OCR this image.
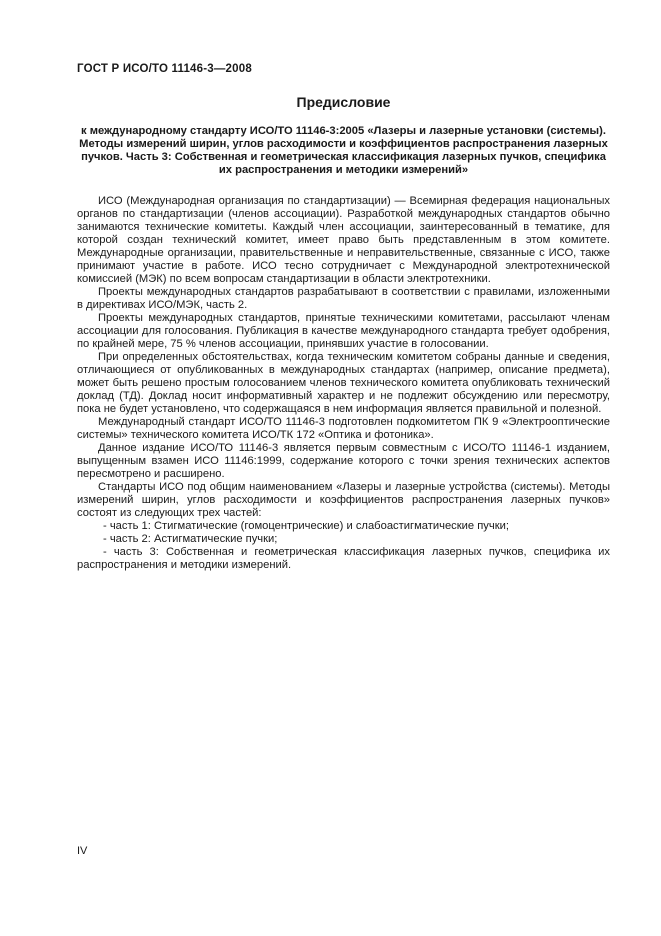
ГОСТ Р ИСО/ТО 11146-3—2008
Предисловие

к международному стандарту ИСО/ТО 11146-3:2005 «Лазеры и лазерные установки (системы). Методы измерений ширин, углов расходимости и коэффициентов распространения лазерных пучков. Часть 3: Собственная и геометрическая классификация лазерных пучков, специфика их распространения и методики измерений»

ИСО (Международная организация по стандартизации) — Всемирная федерация национальных органов по стандартизации (членов ассоциации). Разработкой международных стандартов обычно занимаются технические комитеты. Каждый член ассоциации, заинтересованный в тематике, для которой создан технический комитет, имеет право быть представленным в этом комитете. Международные организации, правительственные и неправительственные, связанные с ИСО, также принимают участие в работе. ИСО тесно сотрудничает с Международной электротехнической комиссией (МЭК) по всем вопросам стандартизации в области электротехники.

Проекты международных стандартов разрабатывают в соответствии с правилами, изложенными в директивах ИСО/МЭК, часть 2.

Проекты международных стандартов, принятые техническими комитетами, рассылают членам ассоциации для голосования. Публикация в качестве международного стандарта требует одобрения, по крайней мере, 75 % членов ассоциации, принявших участие в голосовании.

При определенных обстоятельствах, когда техническим комитетом собраны данные и сведения, отличающиеся от опубликованных в международных стандартах (например, описание предмета), может быть решено простым голосованием членов технического комитета опубликовать технический доклад (ТД). Доклад носит информативный характер и не подлежит обсуждению или пересмотру, пока не будет установлено, что содержащаяся в нем информация является правильной и полезной.

Международный стандарт ИСО/ТО 11146-3 подготовлен подкомитетом ПК 9 «Электрооптические системы» технического комитета ИСО/ТК 172 «Оптика и фотоника».

Данное издание ИСО/ТО 11146-3 является первым совместным с ИСО/ТО 11146-1 изданием, выпущенным взамен ИСО 11146:1999, содержание которого с точки зрения технических аспектов пересмотрено и расширено.

Стандарты ИСО под общим наименованием «Лазеры и лазерные устройства (системы). Методы измерений ширин, углов расходимости и коэффициентов распространения лазерных пучков» состоят из следующих трех частей:

- часть 1: Стигматические (гомоцентрические) и слабоастигматические пучки;

- часть 2: Астигматические пучки;

- часть 3: Собственная и геометрическая классификация лазерных пучков, специфика их распространения и методики измерений.

IV
